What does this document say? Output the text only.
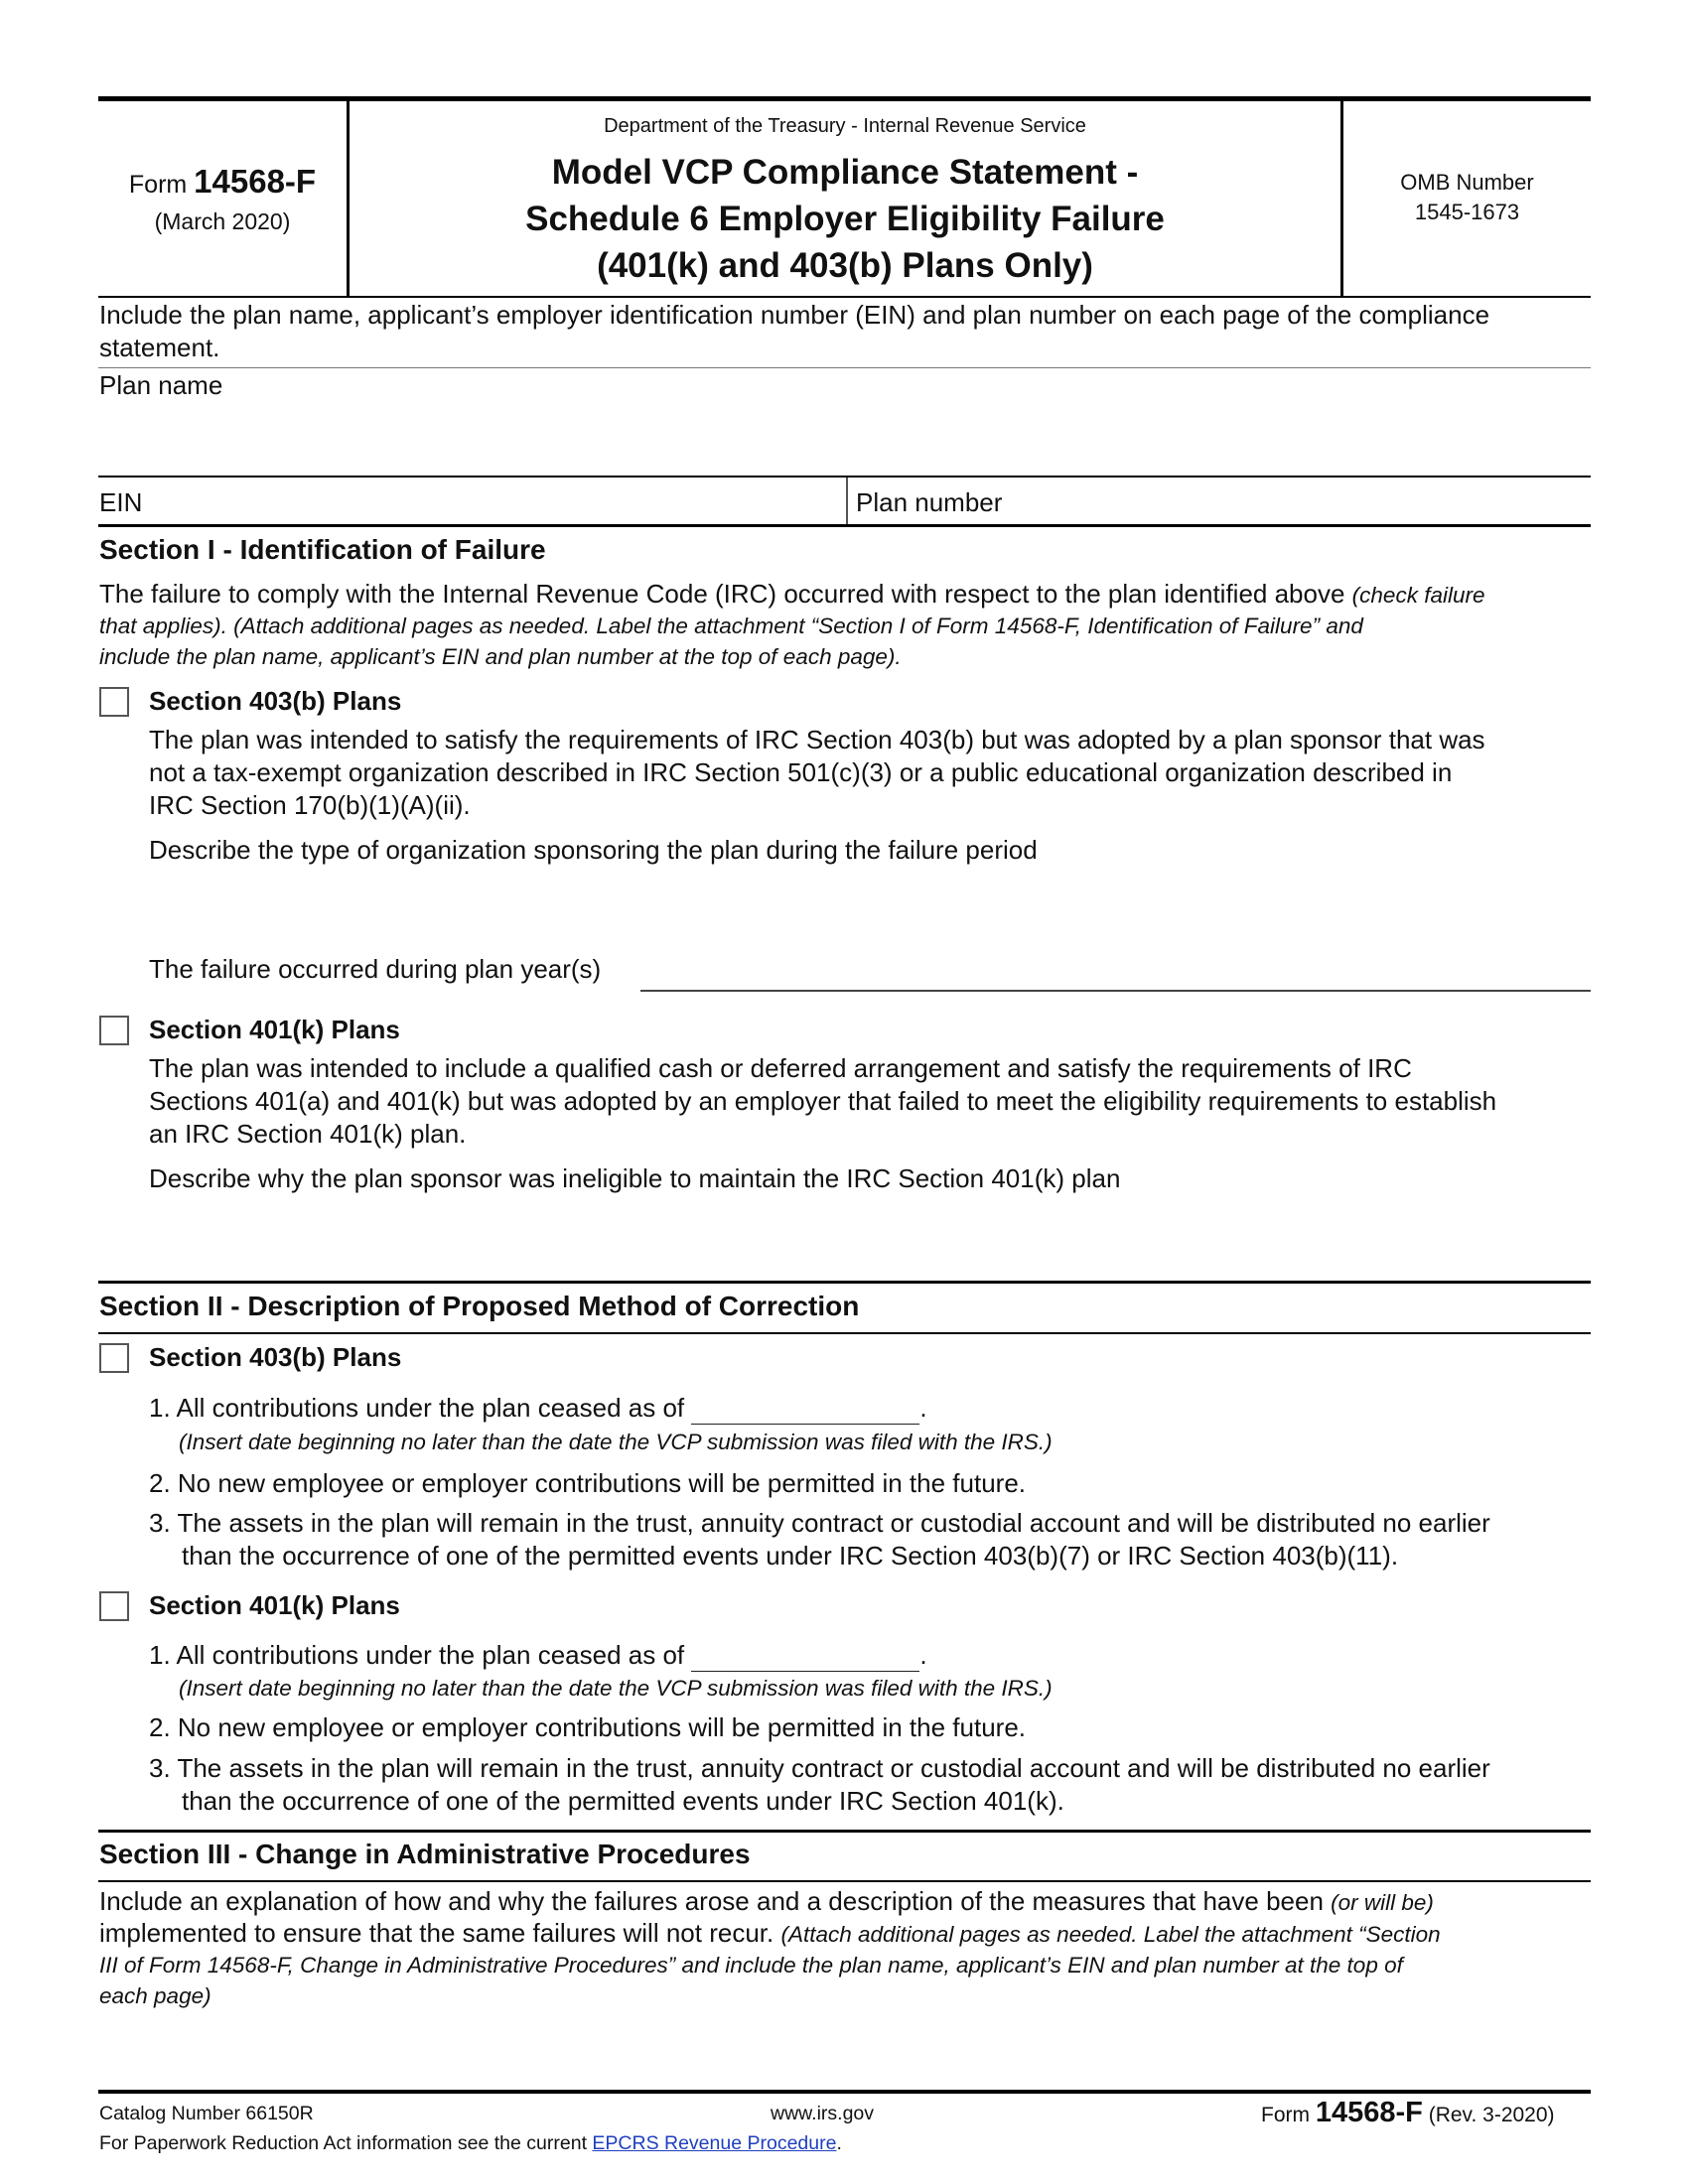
Form 14568-F
(March 2020)
Department of the Treasury - Internal Revenue Service
Model VCP Compliance Statement -
Schedule 6 Employer Eligibility Failure
(401(k) and 403(b) Plans Only)
OMB Number
1545-1673
Include the plan name, applicant’s employer identification number (EIN) and plan number on each page of the compliance
statement.
Plan name
EIN	Plan number
Section I - Identification of Failure
The failure to comply with the Internal Revenue Code (IRC) occurred with respect to the plan identified above (check failure
that applies). (Attach additional pages as needed. Label the attachment “Section I of Form 14568-F, Identification of Failure” and
include the plan name, applicant’s EIN and plan number at the top of each page).
Section 403(b) Plans
The plan was intended to satisfy the requirements of IRC Section 403(b) but was adopted by a plan sponsor that was
not a tax-exempt organization described in IRC Section 501(c)(3) or a public educational organization described in
IRC Section 170(b)(1)(A)(ii).
Describe the type of organization sponsoring the plan during the failure period
The failure occurred during plan year(s)
Section 401(k) Plans
The plan was intended to include a qualified cash or deferred arrangement and satisfy the requirements of IRC
Sections 401(a) and 401(k) but was adopted by an employer that failed to meet the eligibility requirements to establish
an IRC Section 401(k) plan.
Describe why the plan sponsor was ineligible to maintain the IRC Section 401(k) plan
Section II - Description of Proposed Method of Correction
Section 403(b) Plans
1. All contributions under the plan ceased as of	.
(Insert date beginning no later than the date the VCP submission was filed with the IRS.)
2. No new employee or employer contributions will be permitted in the future.
3. The assets in the plan will remain in the trust, annuity contract or custodial account and will be distributed no earlier
than the occurrence of one of the permitted events under IRC Section 403(b)(7) or IRC Section 403(b)(11).
Section 401(k) Plans
1. All contributions under the plan ceased as of	.
(Insert date beginning no later than the date the VCP submission was filed with the IRS.)
2. No new employee or employer contributions will be permitted in the future.
3. The assets in the plan will remain in the trust, annuity contract or custodial account and will be distributed no earlier
than the occurrence of one of the permitted events under IRC Section 401(k).
Section III - Change in Administrative Procedures
Include an explanation of how and why the failures arose and a description of the measures that have been (or will be)
implemented to ensure that the same failures will not recur. (Attach additional pages as needed. Label the attachment “Section
III of Form 14568-F, Change in Administrative Procedures” and include the plan name, applicant’s EIN and plan number at the top of
each page)
Catalog Number 66150R	www.irs.gov	Form 14568-F (Rev. 3-2020)
For Paperwork Reduction Act information see the current EPCRS Revenue Procedure.
